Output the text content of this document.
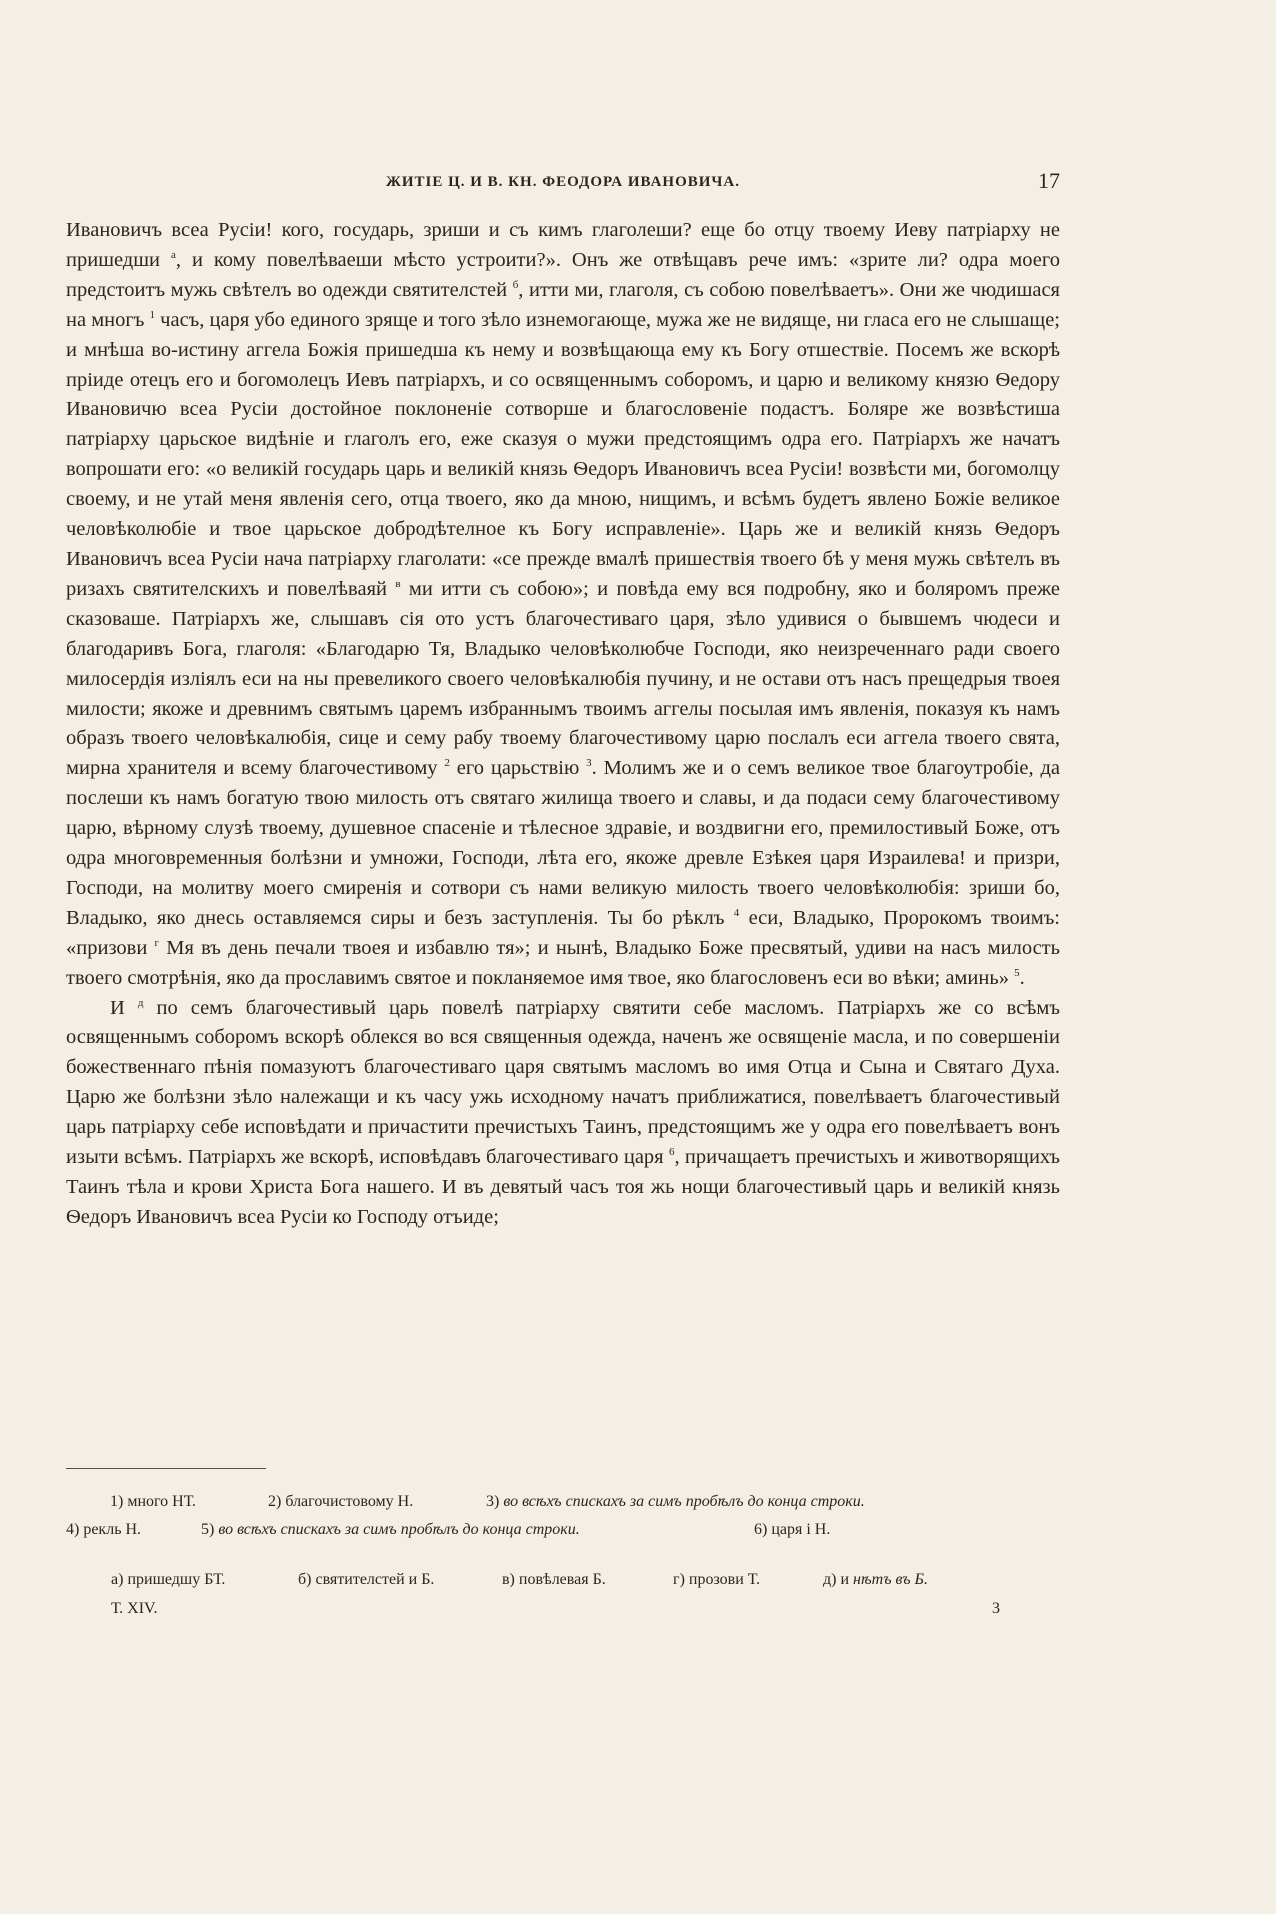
ЖИТІЕ Ц. И В. КН. ФЕОДОРА ИВАНОВИЧА.	17

Ивановичъ всеа Русіи! кого, государь, зриши и съ кимъ глаголеши? еще бо отцу твоему Иеву патріарху не пришедши $^а$, и кому повелѣваеши мѣсто устроити?». Онъ же отвѣщавъ рече имъ: «зрите ли? одра моего предстоитъ мужь свѣтелъ во одежди святителстей $^б$, итти ми, глаголя, съ собою повелѣваетъ». Они же чюдишася на многъ $^1$ часъ, царя убо единого зряще и того зѣло изнемогающе, мужа же не видяще, ни гласа его не слышаще; и мнѣша во-истину аггела Божія пришедша къ нему и возвѣщающа ему къ Богу отшествіе. Посемъ же вскорѣ пріиде отецъ его и богомолецъ Иевъ патріархъ, и со освященнымъ соборомъ, и царю и великому князю Ѳедору Ивановичю всеа Русіи достойное поклоненіе сотворше и благословеніе подастъ. Боляре же возвѣстиша патріарху царьское видѣніе и глаголъ его, еже сказуя о мужи предстоящимъ одра его. Патріархъ же начатъ вопрошати его: «о великій государь царь и великій князь Ѳедоръ Ивановичъ всеа Русіи! возвѣсти ми, богомолцу своему, и не утай меня явленія сего, отца твоего, яко да мною, нищимъ, и всѣмъ будетъ явлено Божіе великое человѣколюбіе и твое царьское добродѣтелное къ Богу исправленіе». Царь же и великій князь Ѳедоръ Ивановичъ всеа Русіи нача патріарху глаголати: «се прежде вмалѣ пришествія твоего бѣ у меня мужь свѣтелъ въ ризахъ святителскихъ и повелѣваяй $^в$ ми итти съ собою»; и повѣда ему вся подробну, яко и боляромъ преже сказоваше. Патріархъ же, слышавъ сія ото устъ благочестиваго царя, зѣло удивися о бывшемъ чюдеси и благодаривъ Бога, глаголя: «Благодарю Тя, Владыко человѣколюбче Господи, яко неизреченнаго ради своего милосердія изліялъ еси на ны превеликого своего человѣкалюбія пучину, и не остави отъ насъ прещедрыя твоея милости; якоже и древнимъ святымъ царемъ избраннымъ твоимъ аггелы посылая имъ явленія, показуя къ намъ образъ твоего человѣкалюбія, сице и сему рабу твоему благочестивому царю послалъ еси аггела твоего свята, мирна хранителя и всему благочестивому $^2$ его царьствію $^3$. Молимъ же и о семъ великое твое благоутробіе, да послеши къ намъ богатую твою милость отъ святаго жилища твоего и славы, и да подаси сему благочестивому царю, вѣрному слузѣ твоему, душевное спасеніе и тѣлесное здравіе, и воздвигни его, премилостивый Боже, отъ одра многовременныя болѣзни и умножи, Господи, лѣта его, якоже древле Езѣкея царя Израилева! и призри, Господи, на молитву моего смиренія и сотвори съ нами великую милость твоего человѣколюбія: зриши бо, Владыко, яко днесь оставляемся сиры и безъ заступленія. Ты бо рѣклъ $^4$ еси, Владыко, Пророкомъ твоимъ: «призови $^г$ Мя въ день печали твоея и избавлю тя»; и нынѣ, Владыко Боже пресвятый, удиви на насъ милость твоего смотрѣнія, яко да прославимъ святое и покланяемое имя твое, яко благословенъ еси во вѣки; аминь» $^5$.

И $^д$ по семъ благочестивый царь повелѣ патріарху святити себе масломъ. Патріархъ же со всѣмъ освященнымъ соборомъ вскорѣ облекся во вся священныя одежда, наченъ же освященіе масла, и по совершеніи божественнаго пѣнія помазуютъ благочестиваго царя святымъ масломъ во имя Отца и Сына и Святаго Духа. Царю же болѣзни зѣло належащи и къ часу ужь исходному начатъ приближатися, повелѣваетъ благочестивый царь патріарху себе исповѣдати и причастити пречистыхъ Таинъ, предстоящимъ же у одра его повелѣваетъ вонъ изыти всѣмъ. Патріархъ же вскорѣ, исповѣдавъ благочестиваго царя $^6$, причащаетъ пречистыхъ и животворящихъ Таинъ тѣла и крови Христа Бога нашего. И въ девятый часъ тоя жь нощи благочестивый царь и великій князь Ѳедоръ Ивановичъ всеа Русіи ко Господу отъиде;

1) много НТ.	2) благочистовому Н.	3) во всѣхъ спискахъ за симъ пробѣлъ до конца строки.
4) рекль Н.	5) во всѣхъ спискахъ за симъ пробѣлъ до конца строки.	6) царя і Н.
а) пришедшу БТ.	б) святителстей и Б.	в) повѣлевая Б.	г) прозови Т.	д) и нѣтъ въ Б.
Т. XIV.	3
